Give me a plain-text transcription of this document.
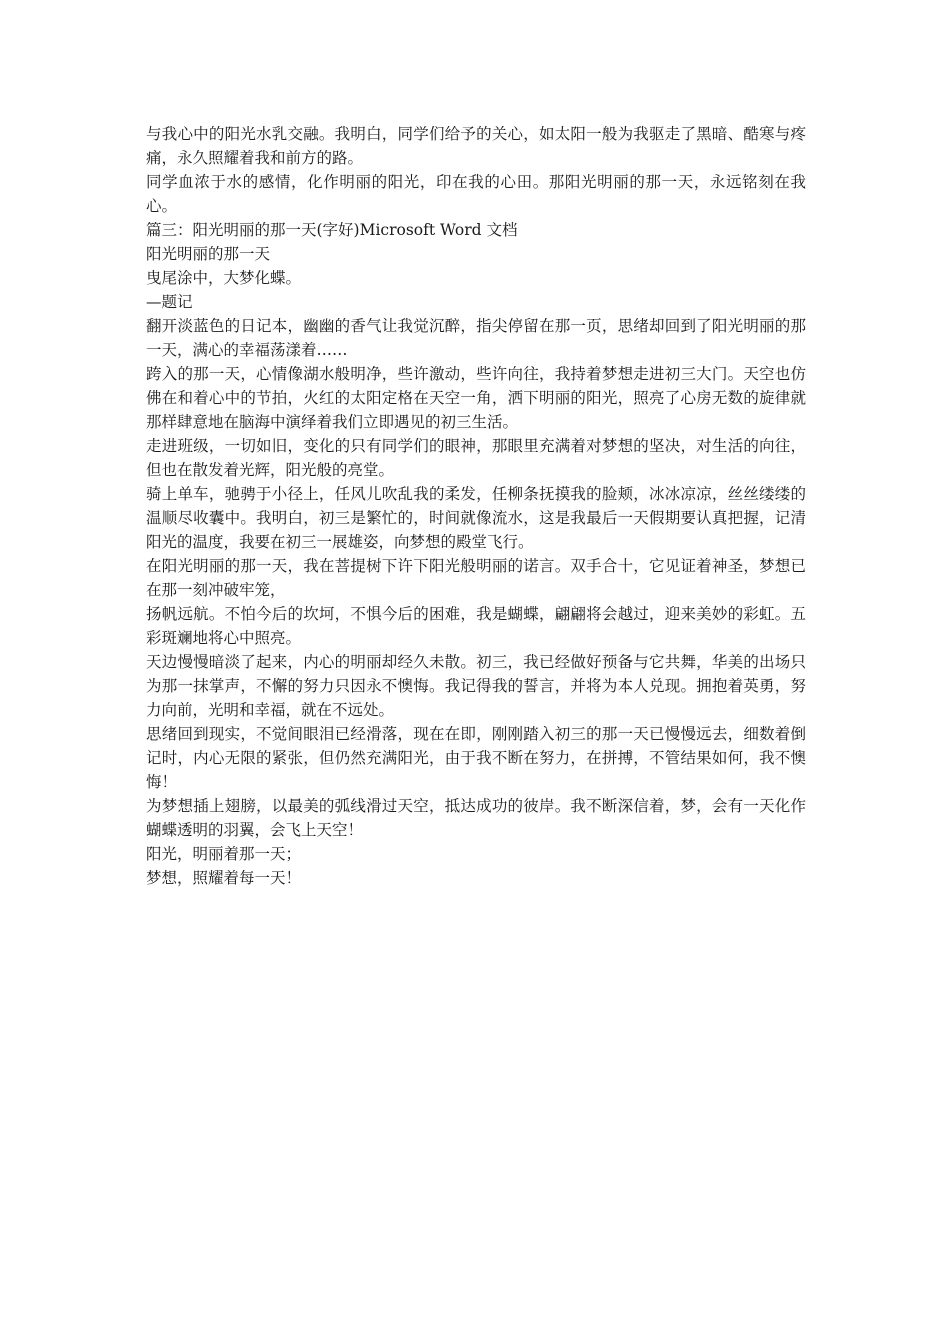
与我心中的阳光水乳交融。我明白，同学们给予的关心，如太阳一般为我驱走了黑暗、酷寒与疼痛，永久照耀着我和前方的路。

同学血浓于水的感情，化作明丽的阳光，印在我的心田。那阳光明丽的那一天，永远铭刻在我心。

篇三：阳光明丽的那一天(字好)Microsoft Word 文档

阳光明丽的那一天

曳尾涂中，大梦化蝶。

—题记

翻开淡蓝色的日记本，幽幽的香气让我觉沉醉，指尖停留在那一页，思绪却回到了阳光明丽的那一天，满心的幸福荡漾着……

跨入的那一天，心情像湖水般明净，些许激动，些许向往，我持着梦想走进初三大门。天空也仿佛在和着心中的节拍，火红的太阳定格在天空一角，洒下明丽的阳光，照亮了心房无数的旋律就那样肆意地在脑海中演绎着我们立即遇见的初三生活。

走进班级，一切如旧，变化的只有同学们的眼神，那眼里充满着对梦想的坚决，对生活的向往，但也在散发着光辉，阳光般的亮堂。

骑上单车，驰骋于小径上，任风儿吹乱我的柔发，任柳条抚摸我的脸颊，冰冰凉凉，丝丝缕缕的温顺尽收囊中。我明白，初三是繁忙的，时间就像流水，这是我最后一天假期要认真把握，记清阳光的温度，我要在初三一展雄姿，向梦想的殿堂飞行。

在阳光明丽的那一天，我在菩提树下许下阳光般明丽的诺言。双手合十，它见证着神圣，梦想已在那一刻冲破牢笼，

扬帆远航。不怕今后的坎坷，不惧今后的困难，我是蝴蝶，翩翩将会越过，迎来美妙的彩虹。五彩斑斓地将心中照亮。

天边慢慢暗淡了起来，内心的明丽却经久未散。初三，我已经做好预备与它共舞，华美的出场只为那一抹掌声，不懈的努力只因永不懊悔。我记得我的誓言，并将为本人兑现。拥抱着英勇，努力向前，光明和幸福，就在不远处。

思绪回到现实，不觉间眼泪已经滑落，现在在即，刚刚踏入初三的那一天已慢慢远去，细数着倒记时，内心无限的紧张，但仍然充满阳光，由于我不断在努力，在拼搏，不管结果如何，我不懊悔！

为梦想插上翅膀，以最美的弧线滑过天空，抵达成功的彼岸。我不断深信着，梦，会有一天化作蝴蝶透明的羽翼，会飞上天空！

阳光，明丽着那一天；

梦想，照耀着每一天！
